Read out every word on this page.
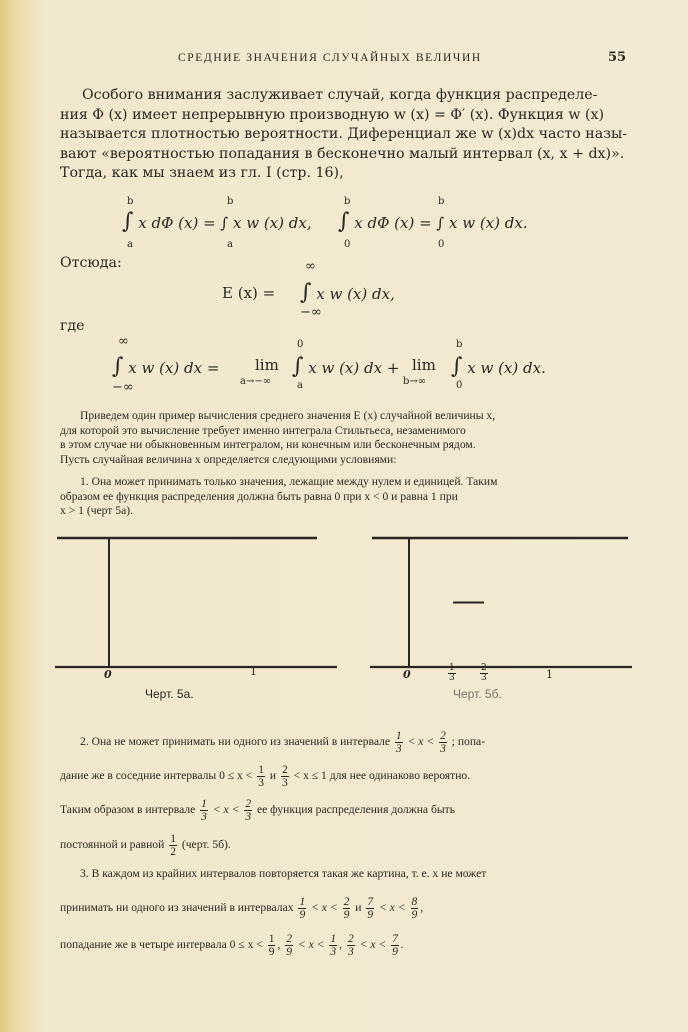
СРЕДНИЕ ЗНАЧЕНИЯ СЛУЧАЙНЫХ ВЕЛИЧИН	55
Особого внимания заслуживает случай, когда функция распределе-
ния Φ (x) имеет непрерывную производную w (x) = Φ′ (x). Функция w (x)
называется плотностью вероятности. Диференциал же w (x)dx часто назы-
вают «вероятностью попадания в бесконечно малый интервал (x, x + dx)».
Тогда, как мы знаем из гл. I (стр. 16),
b
a
∫ x dΦ (x) = ∫ x w (x) dx,
b
a
b
0
∫ x dΦ (x) = ∫ x w (x) dx.
b
0
Отсюда:	∞
E (x) = ∫ x w (x) dx,
−∞
где
∞
∫ x w (x) dx =
−∞
lim
a→−∞
0
∫ x w (x) dx +
a
lim
b→∞
b
∫ x w (x) dx.
0
Приведем один пример вычисления среднего значения E (x) случайной величины x,
для которой это вычисление требует именно интеграла Стильтьеса, незаменимого
в этом случае ни обыкновенным интегралом, ни конечным или бесконечным рядом.
Пусть случайная величина x определяется следующими условиями:
1. Она может принимать только значения, лежащие между нулем и единицей. Таким
образом ее функция распределения должна быть равна 0 при x < 0 и равна 1 при
x > 1 (черт 5а).
0	1
Черт. 5а.
0	$\frac{1}{3}$	$\frac{2}{3}$	1
Черт. 5б.
2. Она не может принимать ни одного из значений в интервале $\frac{1}{3} < x < \frac{2}{3}$ ; попа-
дание же в соседние интервалы $0 \le x < \frac{1}{3}$ и $\frac{2}{3} < x \le 1$ для нее одинаково вероятно.
Таким образом в интервале $\frac{1}{3} < x < \frac{2}{3}$ ее функция распределения должна быть
постоянной и равной $\frac{1}{2}$ (черт. 5б).
3. В каждом из крайних интервалов повторяется такая же картина, т. е. x не может
принимать ни одного из значений в интервалах $\frac{1}{9} < x < \frac{2}{9}$ и $\frac{7}{9} < x < \frac{8}{9}$ ,
попадание же в четыре интервала $0 \le x < \frac{1}{9}$ , $\frac{2}{9} < x < \frac{1}{3}$ , $\frac{2}{3} < x < \frac{7}{9}$ .
